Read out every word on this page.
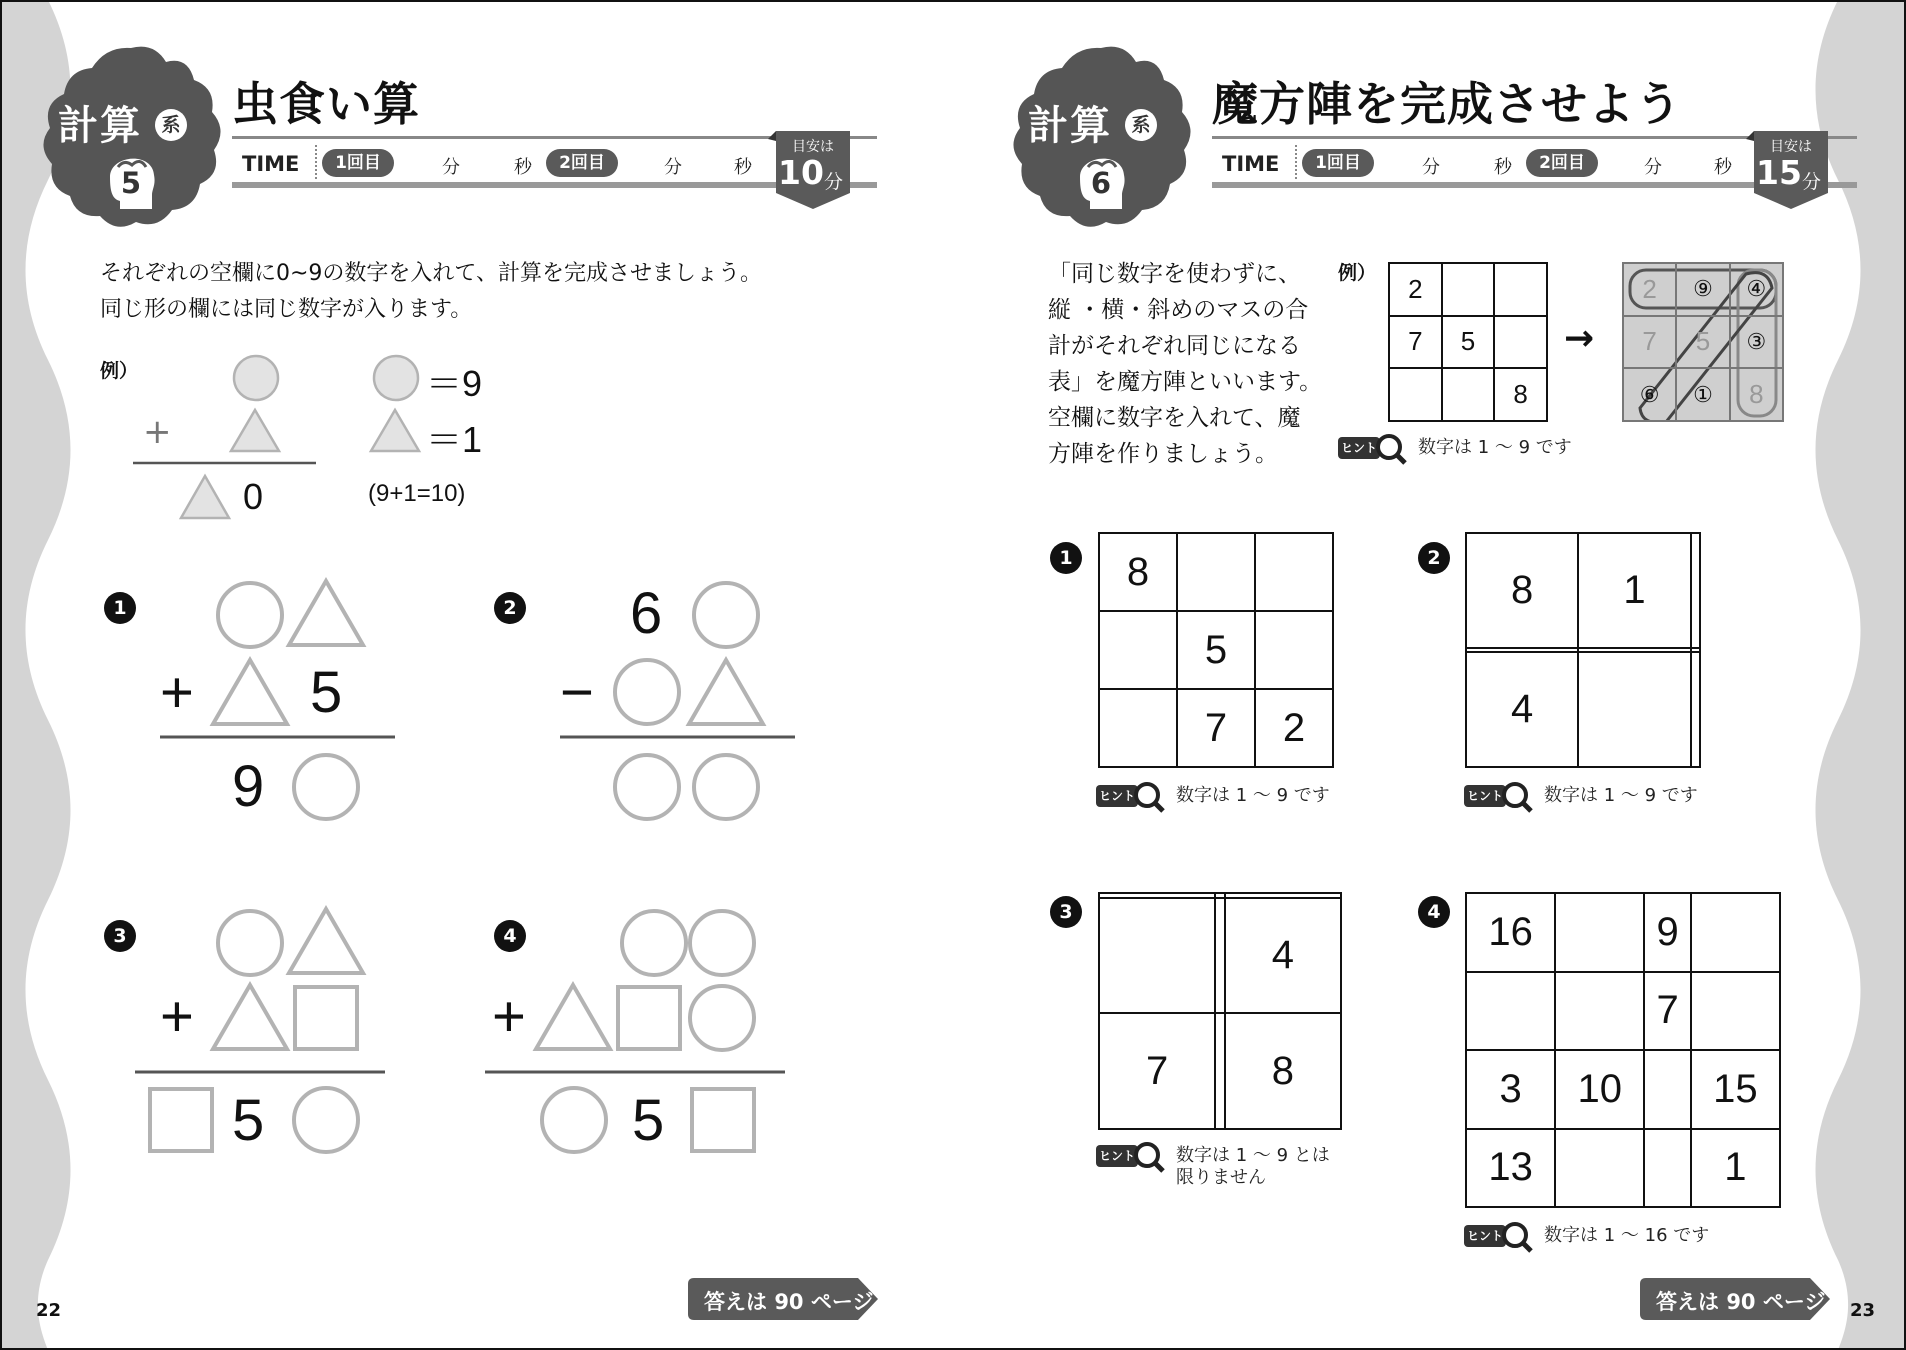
計算	系
5
虫食い算
TIME	1回目	分	秒	2回目	分	秒
目安は
10 分
それぞれの空欄に0~9の数字を入れて、計算を完成させましょう。
同じ形の欄には同じ数字が入ります。
例）
+
0
＝9
＝1
(9+1=10)
1
+ 5
9
2
−
6
3
+
5
4
+
5
答えは 90 ページ
22
計算	系
6
魔方陣を完成させよう
TIME	1回目	分	秒	2回目	分	秒
目安は
15 分
「同じ数字を使わずに、
縦 ・横・斜めのマスの合
計がそれぞれ同じになる
表」を魔方陣といいます。
空欄に数字を入れて、魔
方陣を作りましょう。
例）
2		
7	5	
		8
→
2	⑨	④
7	5	③
⑥	①	8
ヒント 数字は 1 ～ 9 です
1 8		
	5	
	7	2
ヒント 数字は 1 ～ 9 です
2
8	1	

4		
ヒント 数字は 1 ～ 9 です
3

		4
7		8
ヒント 数字は 1 ～ 9 とは
限りません
4 16		9	
		7	
3	10		15
13			1
ヒント 数字は 1 ～ 16 です
答えは 90 ページ 23
